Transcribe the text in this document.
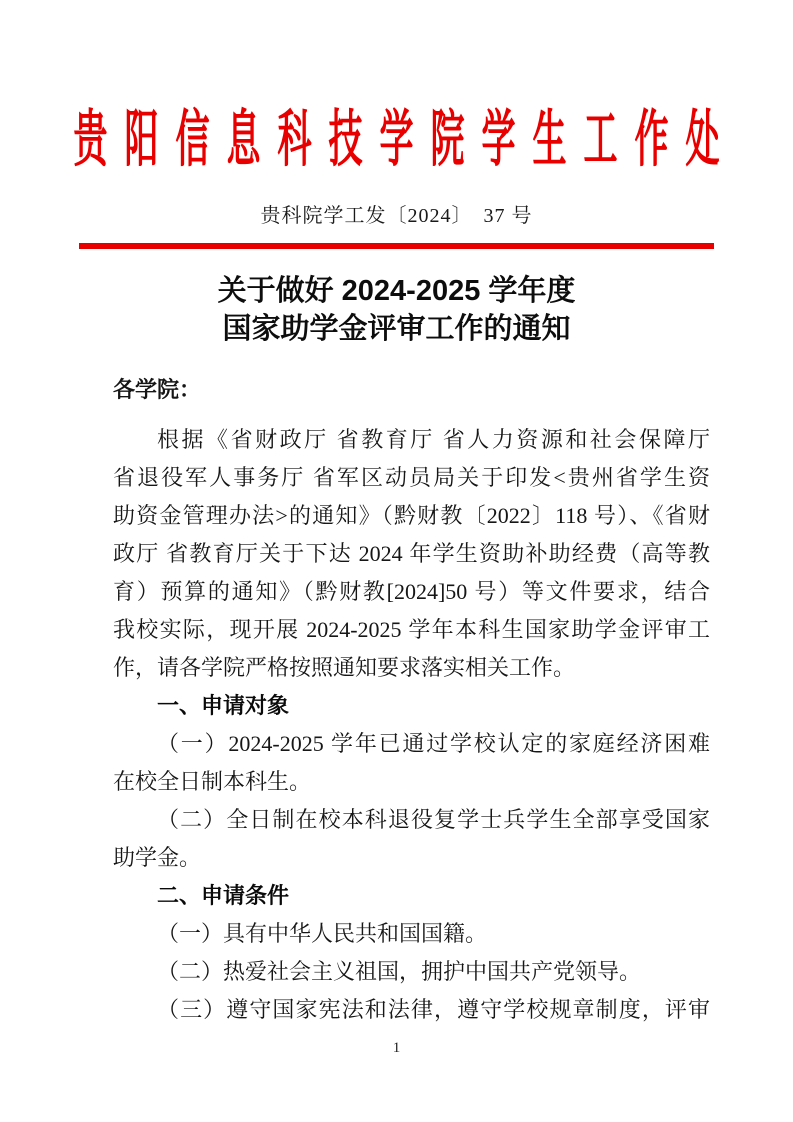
贵阳信息科技学院学生工作处
贵科院学工发〔2024〕　37 号
关于做好 2024-2025 学年度
国家助学金评审工作的通知
各学院：
根据《省财政厅 省教育厅 省人力资源和社会保障厅
省退役军人事务厅 省军区动员局关于印发<贵州省学生资
助资金管理办法>的通知》（黔财教〔2022〕118 号）、《省财
政厅 省教育厅关于下达 2024 年学生资助补助经费（高等教
育）预算的通知》（黔财教[2024]50 号）等文件要求，结合
我校实际，现开展 2024-2025 学年本科生国家助学金评审工
作，请各学院严格按照通知要求落实相关工作。
一、申请对象
（一）2024-2025 学年已通过学校认定的家庭经济困难
在校全日制本科生。
（二）全日制在校本科退役复学士兵学生全部享受国家
助学金。
二、申请条件
（一）具有中华人民共和国国籍。
（二）热爱社会主义祖国，拥护中国共产党领导。
（三）遵守国家宪法和法律，遵守学校规章制度，评审
1
